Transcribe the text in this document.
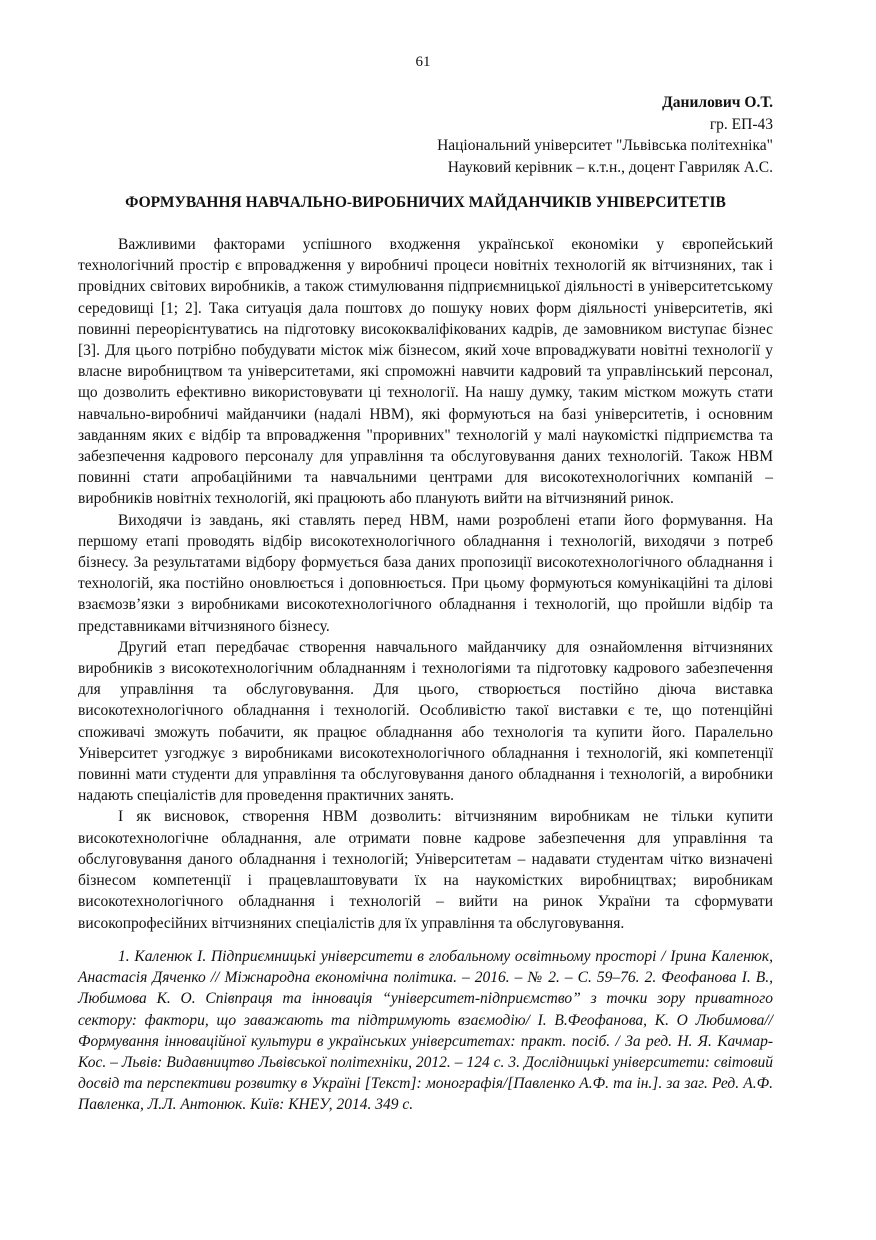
61
Данилович О.Т.
гр. ЕП-43
Національний університет "Львівська політехніка"
Науковий керівник – к.т.н., доцент Гавриляк А.С.
ФОРМУВАННЯ НАВЧАЛЬНО-ВИРОБНИЧИХ МАЙДАНЧИКІВ УНІВЕРСИТЕТІВ

Важливими факторами успішного входження української економіки у європейський технологічний простір є впровадження у виробничі процеси новітніх технологій як вітчизняних, так і провідних світових виробників, а також стимулювання підприємницької діяльності в університетському середовищі [1; 2]. Така ситуація дала поштовх до пошуку нових форм діяльності університетів, які повинні переорієнтуватись на підготовку висококваліфікованих кадрів, де замовником виступає бізнес [3]. Для цього потрібно побудувати місток між бізнесом, який хоче впроваджувати новітні технології у власне виробництвом та університетами, які спроможні навчити кадровий та управлінський персонал, що дозволить ефективно використовувати ці технології. На нашу думку, таким містком можуть стати навчально-виробничі майданчики (надалі НВМ), які формуються на базі університетів, і основним завданням яких є відбір та впровадження "проривних" технологій у малі наукомісткі підприємства та забезпечення кадрового персоналу для управління та обслуговування даних технологій. Також НВМ повинні стати апробаційними та навчальними центрами для високотехнологічних компаній – виробників новітніх технологій, які працюють або планують вийти на вітчизняний ринок.

Виходячи із завдань, які ставлять перед НВМ, нами розроблені етапи його формування. На першому етапі проводять відбір високотехнологічного обладнання і технологій, виходячи з потреб бізнесу. За результатами відбору формується база даних пропозиції високотехнологічного обладнання і технологій, яка постійно оновлюється і доповнюється. При цьому формуються комунікаційні та ділові взаємозв’язки з виробниками високотехнологічного обладнання і технологій, що пройшли відбір та представниками вітчизняного бізнесу.

Другий етап передбачає створення навчального майданчику для ознайомлення вітчизняних виробників з високотехнологічним обладнанням і технологіями та підготовку кадрового забезпечення для управління та обслуговування. Для цього, створюється постійно діюча виставка високотехнологічного обладнання і технологій. Особливістю такої виставки є те, що потенційні споживачі зможуть побачити, як працює обладнання або технологія та купити його. Паралельно Університет узгоджує з виробниками високотехнологічного обладнання і технологій, які компетенції повинні мати студенти для управління та обслуговування даного обладнання і технологій, а виробники надають спеціалістів для проведення практичних занять.

І як висновок, створення НВМ дозволить: вітчизняним виробникам не тільки купити високотехнологічне обладнання, але отримати повне кадрове забезпечення для управління та обслуговування даного обладнання і технологій; Університетам – надавати студентам чітко визначені бізнесом компетенції і працевлаштовувати їх на наукомістких виробництвах; виробникам високотехнологічного обладнання і технологій – вийти на ринок України та сформувати високопрофесійних вітчизняних спеціалістів для їх управління та обслуговування.

1. Каленюк І. Підприємницькі університети в глобальному освітньому просторі / Ірина Каленюк, Анастасія Дяченко // Міжнародна економічна політика. – 2016. – № 2. – С. 59–76. 2. Феофанова І. В., Любимова К. О. Співпраця та інновація “університет-підприємство” з точки зору приватного сектору: фактори, що заважають та підтримують взаємодію/ І. В.Феофанова, К. О Любимова// Формування інноваційної культури в українських університетах: практ. посіб. / За ред. Н. Я. Качмар-Кос. – Львів: Видавництво Львівської політехніки, 2012. – 124 с. 3. Дослідницькі університети: світовий досвід та перспективи розвитку в Україні [Текст]: монографія/[Павленко А.Ф. та ін.]. за заг. Ред. А.Ф. Павленка, Л.Л. Антонюк. Київ: КНЕУ, 2014. 349 с.
